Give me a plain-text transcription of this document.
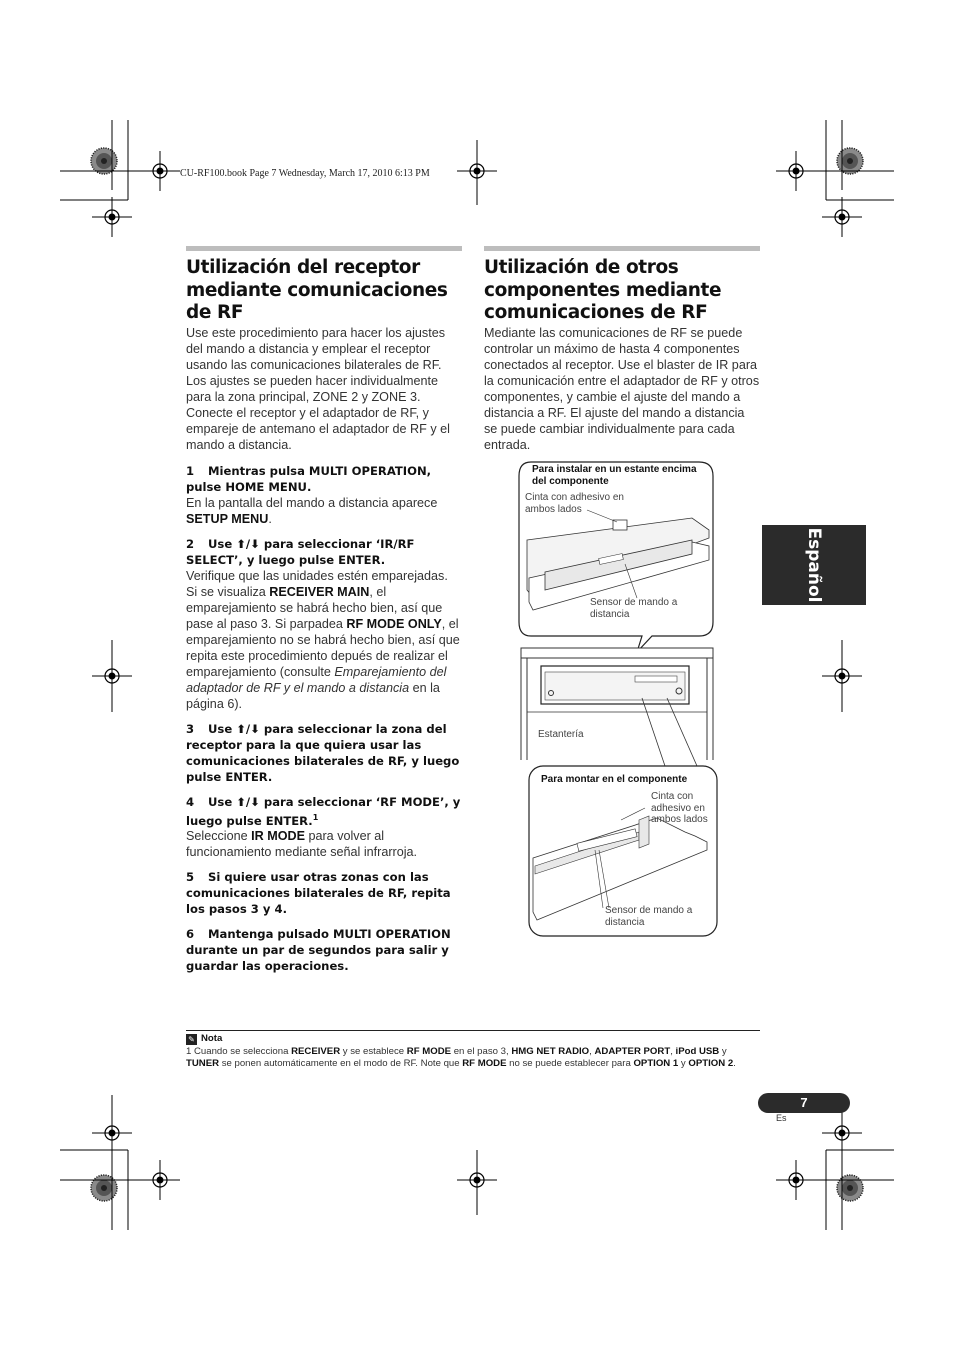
CU-RF100.book Page 7 Wednesday, March 17, 2010 6:13 PM
Utilización del receptor mediante comunicaciones de RF

Use este procedimiento para hacer los ajustes del mando a distancia y emplear el receptor usando las comunicaciones bilaterales de RF. Los ajustes se pueden hacer individualmente para la zona principal, ZONE 2 y ZONE 3. Conecte el receptor y el adaptador de RF, y empareje de antemano el adaptador de RF y el mando a distancia.

1 Mientras pulsa MULTI OPERATION, pulse HOME MENU.

En la pantalla del mando a distancia aparece SETUP MENU.

2 Use ⬆/⬇ para seleccionar ‘IR/RF SELECT’, y luego pulse ENTER.

Verifique que las unidades estén emparejadas. Si se visualiza RECEIVER MAIN, el emparejamiento se habrá hecho bien, así que pase al paso 3. Si parpadea RF MODE ONLY, el emparejamiento no se habrá hecho bien, así que repita este procedimiento depués de realizar el emparejamiento (consulte Emparejamiento del adaptador de RF y el mando a distancia en la página 6).

3 Use ⬆/⬇ para seleccionar la zona del receptor para la que quiera usar las comunicaciones bilaterales de RF, y luego pulse ENTER.
4 Use ⬆/⬇ para seleccionar ‘RF MODE’, y luego pulse ENTER.$^1$

Seleccione IR MODE para volver al funcionamiento mediante señal infrarroja.

5 Si quiere usar otras zonas con las comunicaciones bilaterales de RF, repita los pasos 3 y 4.
6 Mantenga pulsado MULTI OPERATION durante un par de segundos para salir y guardar las operaciones.
Utilización de otros componentes mediante comunicaciones de RF

Mediante las comunicaciones de RF se puede controlar un máximo de hasta 4 componentes conectados al receptor. Use el blaster de IR para la comunicación entre el adaptador de RF y otros componentes, y cambie el ajuste del mando a distancia a RF. El ajuste del mando a distancia se puede cambiar individualmente para cada entrada.

Para instalar en un estante encima del componente
Cinta con adhesivo en ambos lados
Sensor de mando a distancia
Estantería
Para montar en el componente
Cinta con adhesivo en ambos lados
Sensor de mando a distancia
Español
✎ Nota
1 Cuando se selecciona RECEIVER y se establece RF MODE en el paso 3, HMG NET RADIO, ADAPTER PORT, iPod USB y TUNER se ponen automáticamente en el modo de RF. Note que RF MODE no se puede establecer para OPTION 1 y OPTION 2.
7
Es
